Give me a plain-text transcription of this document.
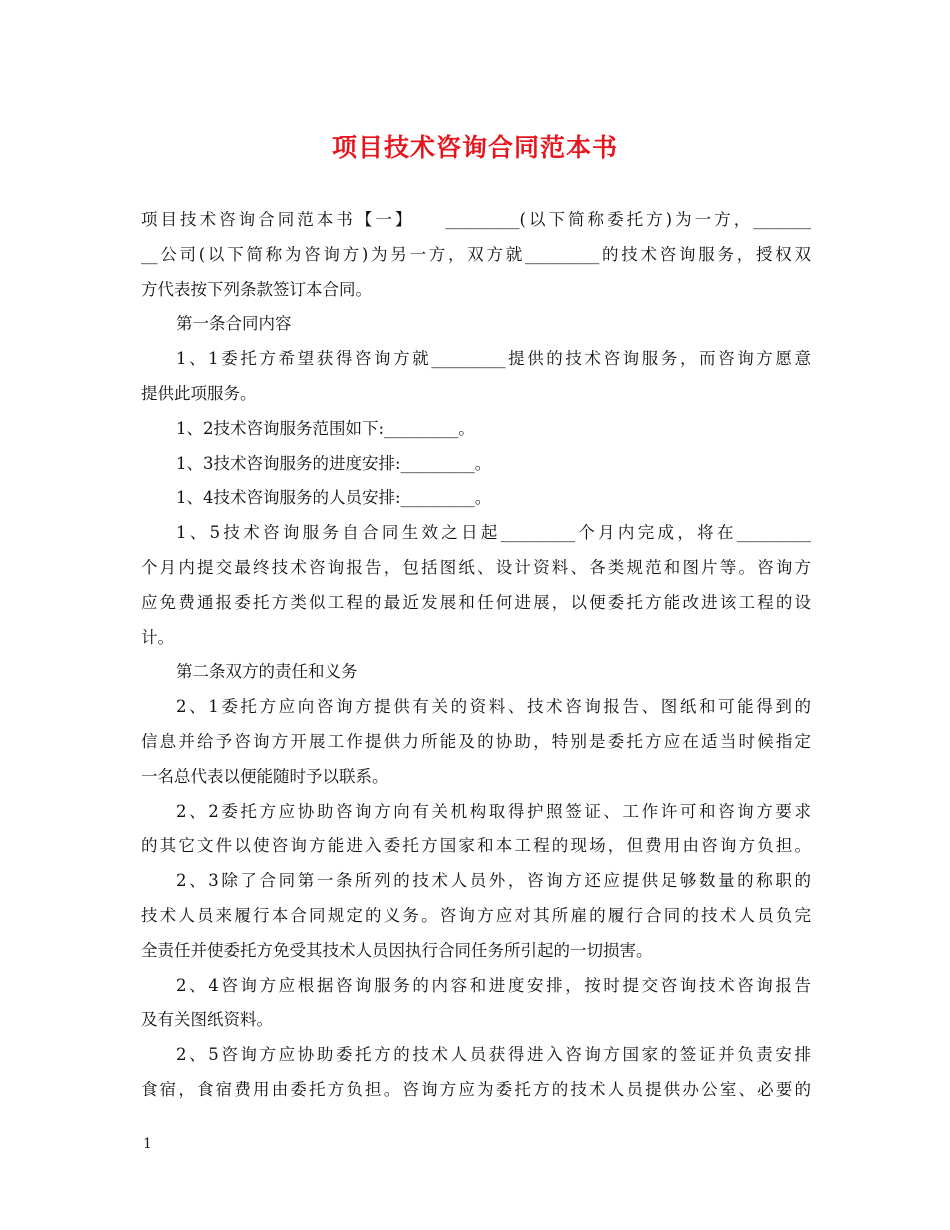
项目技术咨询合同范本书
项目技术咨询合同范本书【一】　　_________(以下简称委托方)为一方，_______
__公司(以下简称为咨询方)为另一方，双方就_________的技术咨询服务，授权双
方代表按下列条款签订本合同。
第一条合同内容
1、1委托方希望获得咨询方就_________提供的技术咨询服务，而咨询方愿意
提供此项服务。
1、2技术咨询服务范围如下:_________。
1、3技术咨询服务的进度安排:_________。
1、4技术咨询服务的人员安排:_________。
1、5技术咨询服务自合同生效之日起_________个月内完成，将在_________
个月内提交最终技术咨询报告，包括图纸、设计资料、各类规范和图片等。咨询方
应免费通报委托方类似工程的最近发展和任何进展，以便委托方能改进该工程的设
计。
第二条双方的责任和义务
2、1委托方应向咨询方提供有关的资料、技术咨询报告、图纸和可能得到的
信息并给予咨询方开展工作提供力所能及的协助，特别是委托方应在适当时候指定
一名总代表以便能随时予以联系。
2、2委托方应协助咨询方向有关机构取得护照签证、工作许可和咨询方要求
的其它文件以使咨询方能进入委托方国家和本工程的现场，但费用由咨询方负担。
2、3除了合同第一条所列的技术人员外，咨询方还应提供足够数量的称职的
技术人员来履行本合同规定的义务。咨询方应对其所雇的履行合同的技术人员负完
全责任并使委托方免受其技术人员因执行合同任务所引起的一切损害。
2、4咨询方应根据咨询服务的内容和进度安排，按时提交咨询技术咨询报告
及有关图纸资料。
2、5咨询方应协助委托方的技术人员获得进入咨询方国家的签证并负责安排
食宿，食宿费用由委托方负担。咨询方应为委托方的技术人员提供办公室、必要的
1
